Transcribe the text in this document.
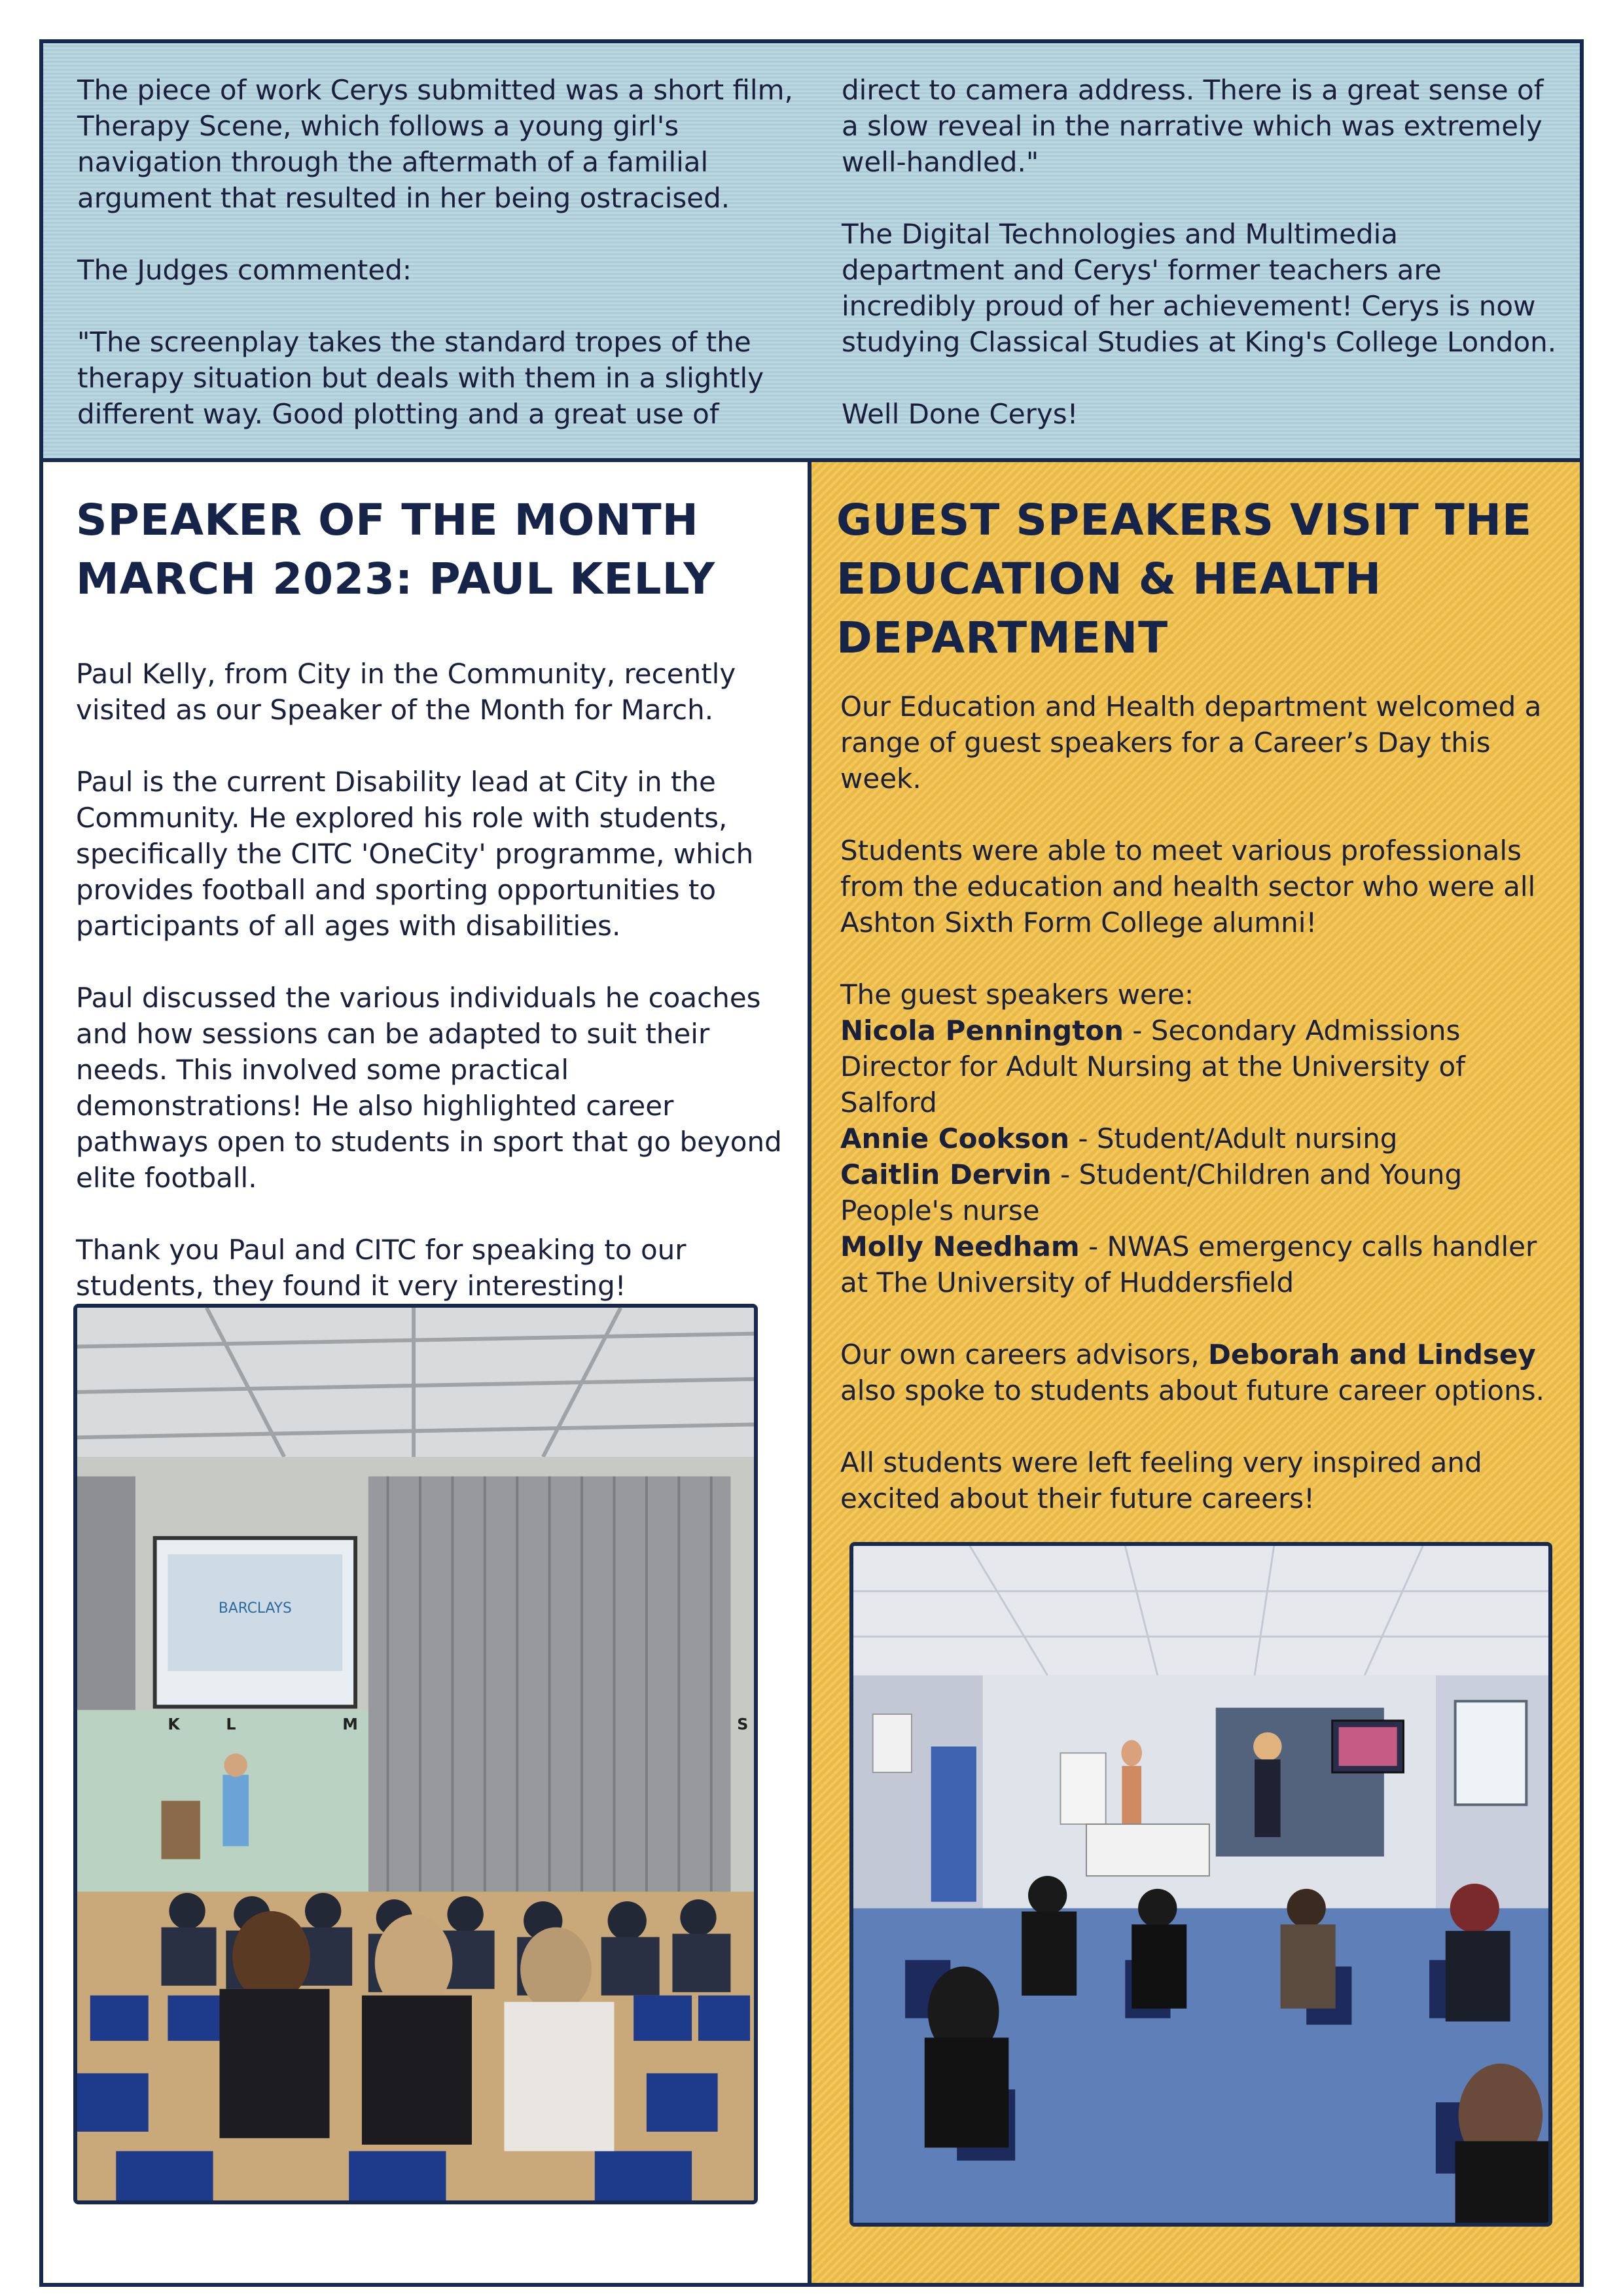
The piece of work Cerys submitted was a short film, Therapy Scene, which follows a young girl's navigation through the aftermath of a familial argument that resulted in her being ostracised.

The Judges commented:

"The screenplay takes the standard tropes of the therapy situation but deals with them in a slightly different way. Good plotting and a great use of

direct to camera address. There is a great sense of a slow reveal in the narrative which was extremely well-handled."

The Digital Technologies and Multimedia department and Cerys' former teachers are incredibly proud of her achievement! Cerys is now studying Classical Studies at King's College London.

Well Done Cerys!

SPEAKER OF THE MONTH MARCH 2023: PAUL KELLY

Paul Kelly, from City in the Community, recently visited as our Speaker of the Month for March.

Paul is the current Disability lead at City in the Community. He explored his role with students, specifically the CITC 'OneCity' programme, which provides football and sporting opportunities to participants of all ages with disabilities.

Paul discussed the various individuals he coaches and how sessions can be adapted to suit their needs. This involved some practical demonstrations! He also highlighted career pathways open to students in sport that go beyond elite football.

Thank you Paul and CITC for speaking to our students, they found it very interesting!

BARCLAYS
K	L	M	S
GUEST SPEAKERS VISIT THE EDUCATION & HEALTH DEPARTMENT

Our Education and Health department welcomed a range of guest speakers for a Career’s Day this week.

Students were able to meet various professionals from the education and health sector who were all Ashton Sixth Form College alumni!

The guest speakers were:
Nicola Pennington - Secondary Admissions Director for Adult Nursing at the University of Salford
Annie Cookson - Student/Adult nursing
Caitlin Dervin - Student/Children and Young People's nurse
Molly Needham - NWAS emergency calls handler at The University of Huddersfield

Our own careers advisors, Deborah and Lindsey also spoke to students about future career options.

All students were left feeling very inspired and excited about their future careers!
